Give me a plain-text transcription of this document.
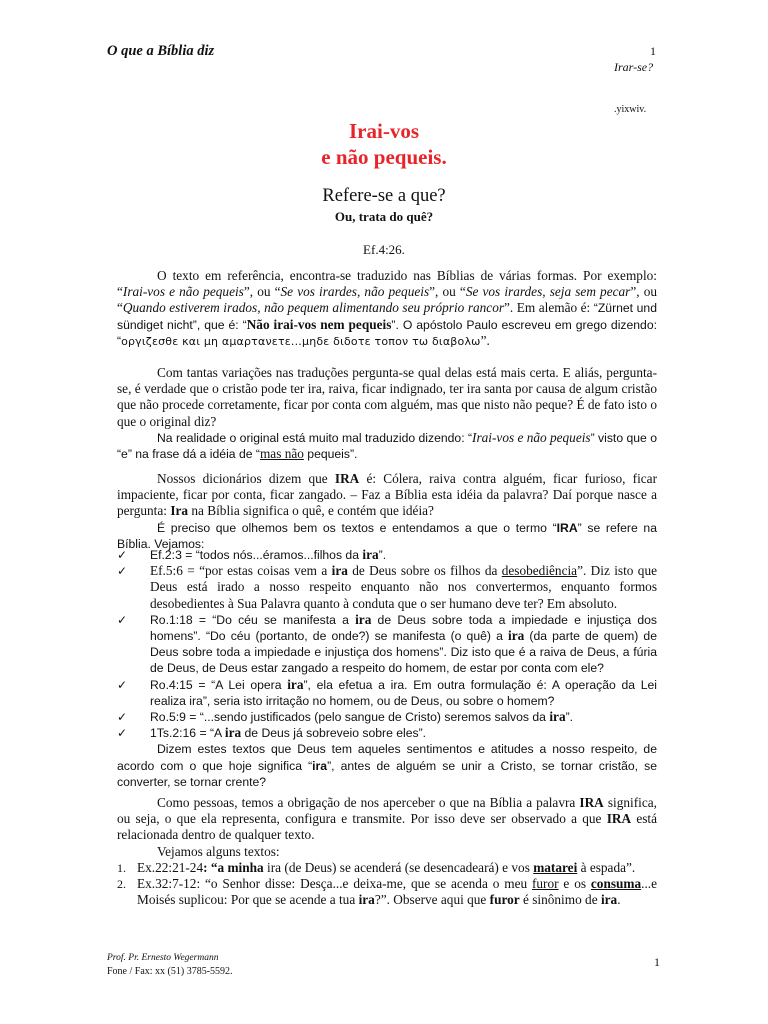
O que a Bíblia diz	1
Irar-se?
.yixwiv.
Irai-vos
e não pequeis.
Refere-se a que?
Ou, trata do quê?
Ef.4:26.

O texto em referência, encontra-se traduzido nas Bíblias de várias formas. Por exemplo: “Irai-vos e não pequeis”, ou “Se vos irardes, não pequeis”, ou “Se vos irardes, seja sem pecar”, ou “Quando estiverem irados, não pequem alimentando seu próprio rancor”. Em alemão é: “Zürnet und sündiget nicht”, que é: “Não irai-vos nem pequeis”. O apóstolo Paulo escreveu em grego dizendo: “οργιζεσθε και μη αμαρτανετε...μηδε διδοτε τοπον τω διαβολω”.

Com tantas variações nas traduções pergunta-se qual delas está mais certa. E aliás, pergunta-se, é verdade que o cristão pode ter ira, raiva, ficar indignado, ter ira santa por causa de algum cristão que não procede corretamente, ficar por conta com alguém, mas que nisto não peque? É de fato isto o que o original diz?

Na realidade o original está muito mal traduzido dizendo: “Irai-vos e não pequeis” visto que o “e” na frase dá a idéia de “mas não pequeis”.

Nossos dicionários dizem que IRA é: Cólera, raiva contra alguém, ficar furioso, ficar impaciente, ficar por conta, ficar zangado. – Faz a Bíblia esta idéia da palavra? Daí porque nasce a pergunta: Ira na Bíblia significa o quê, e contém que idéia?

É preciso que olhemos bem os textos e entendamos a que o termo “IRA” se refere na Bíblia. Vejamos:

✓	Ef.2:3 = “todos nós...éramos...filhos da ira”.
✓ Ef.5:6 = “por estas coisas vem a ira de Deus sobre os filhos da desobediência”. Diz isto que Deus está irado a nosso respeito enquanto não nos convertermos, enquanto formos desobedientes à Sua Palavra quanto à conduta que o ser humano deve ter? Em absoluto.
✓	Ro.1:18 = “Do céu se manifesta a ira de Deus sobre toda a impiedade e injustiça dos homens”. “Do céu (portanto, de onde?) se manifesta (o quê) a ira (da parte de quem) de Deus sobre toda a impiedade e injustiça dos homens”. Diz isto que é a raiva de Deus, a fúria de Deus, de Deus estar zangado a respeito do homem, de estar por conta com ele?
✓	Ro.4:15 = “A Lei opera ira”, ela efetua a ira. Em outra formulação é: A operação da Lei realiza ira”, seria isto irritação no homem, ou de Deus, ou sobre o homem?
✓	Ro.5:9 = “...sendo justificados (pelo sangue de Cristo) seremos salvos da ira”.
✓	1Ts.2:16 = “A ira de Deus já sobreveio sobre eles”.

Dizem estes textos que Deus tem aqueles sentimentos e atitudes a nosso respeito, de acordo com o que hoje significa “ira”, antes de alguém se unir a Cristo, se tornar cristão, se converter, se tornar crente?

Como pessoas, temos a obrigação de nos aperceber o que na Bíblia a palavra IRA significa, ou seja, o que ela representa, configura e transmite. Por isso deve ser observado a que IRA está relacionada dentro de qualquer texto.

Vejamos alguns textos:

1. Ex.22:21-24: “a minha ira (de Deus) se acenderá (se desencadeará) e vos matarei à espada”.
2. Ex.32:7-12: “o Senhor disse: Desça...e deixa-me, que se acenda o meu furor e os consuma...e Moisés suplicou: Por que se acende a tua ira?”. Observe aqui que furor é sinônimo de ira.
Prof. Pr. Ernesto Wegermann
Fone / Fax: xx (51) 3785-5592.
1
